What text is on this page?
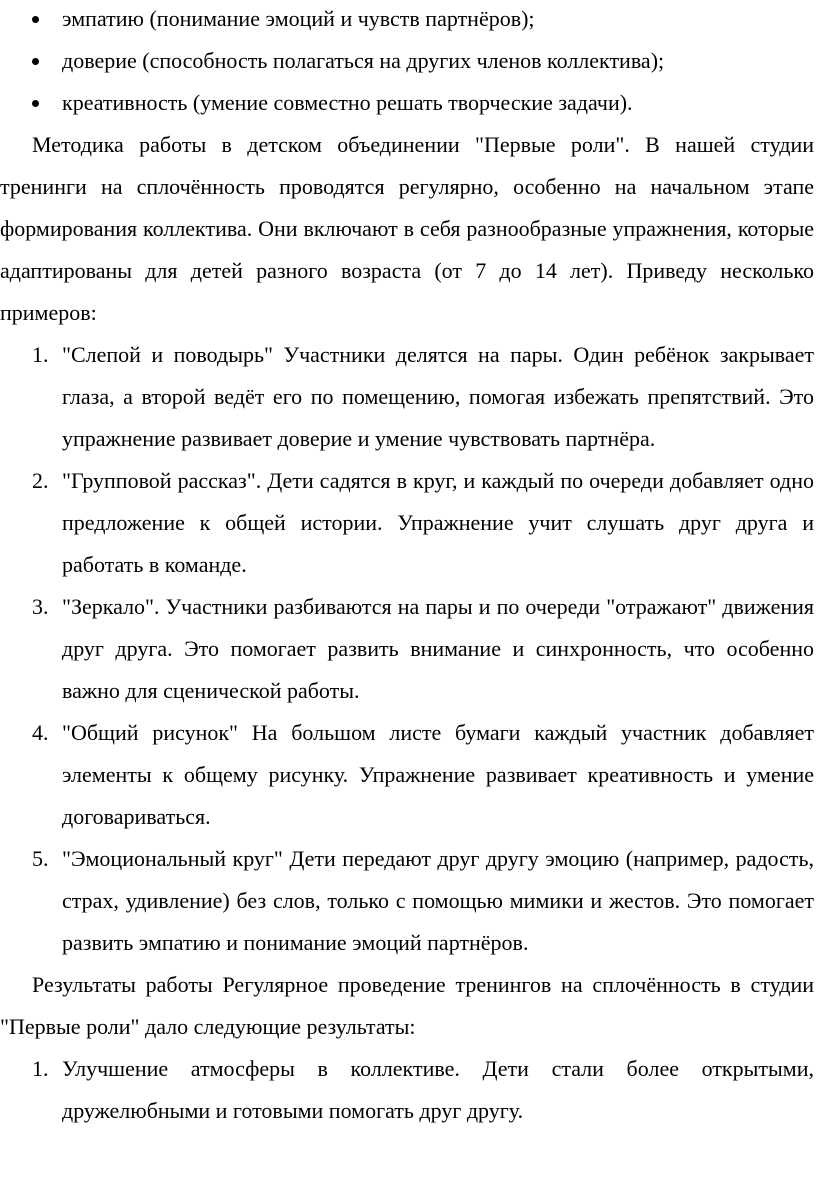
эмпатию (понимание эмоций и чувств партнёров);
доверие (способность полагаться на других членов коллектива);
креативность (умение совместно решать творческие задачи).

Методика работы в детском объединении "Первые роли". В нашей студии тренинги на сплочённость проводятся регулярно, особенно на начальном этапе формирования коллектива. Они включают в себя разнообразные упражнения, которые адаптированы для детей разного возраста (от 7 до 14 лет). Приведу несколько примеров:

1. "Слепой и поводырь" Участники делятся на пары. Один ребёнок закрывает глаза, а второй ведёт его по помещению, помогая избежать препятствий. Это упражнение развивает доверие и умение чувствовать партнёра.
2. "Групповой рассказ". Дети садятся в круг, и каждый по очереди добавляет одно предложение к общей истории. Упражнение учит слушать друг друга и работать в команде.
3. "Зеркало". Участники разбиваются на пары и по очереди "отражают" движения друг друга. Это помогает развить внимание и синхронность, что особенно важно для сценической работы.
4. "Общий рисунок" На большом листе бумаги каждый участник добавляет элементы к общему рисунку. Упражнение развивает креативность и умение договариваться.
5. "Эмоциональный круг" Дети передают друг другу эмоцию (например, радость, страх, удивление) без слов, только с помощью мимики и жестов. Это помогает развить эмпатию и понимание эмоций партнёров.

Результаты работы Регулярное проведение тренингов на сплочённость в студии "Первые роли" дало следующие результаты:

1. Улучшение атмосферы в коллективе. Дети стали более открытыми, дружелюбными и готовыми помогать друг другу.
